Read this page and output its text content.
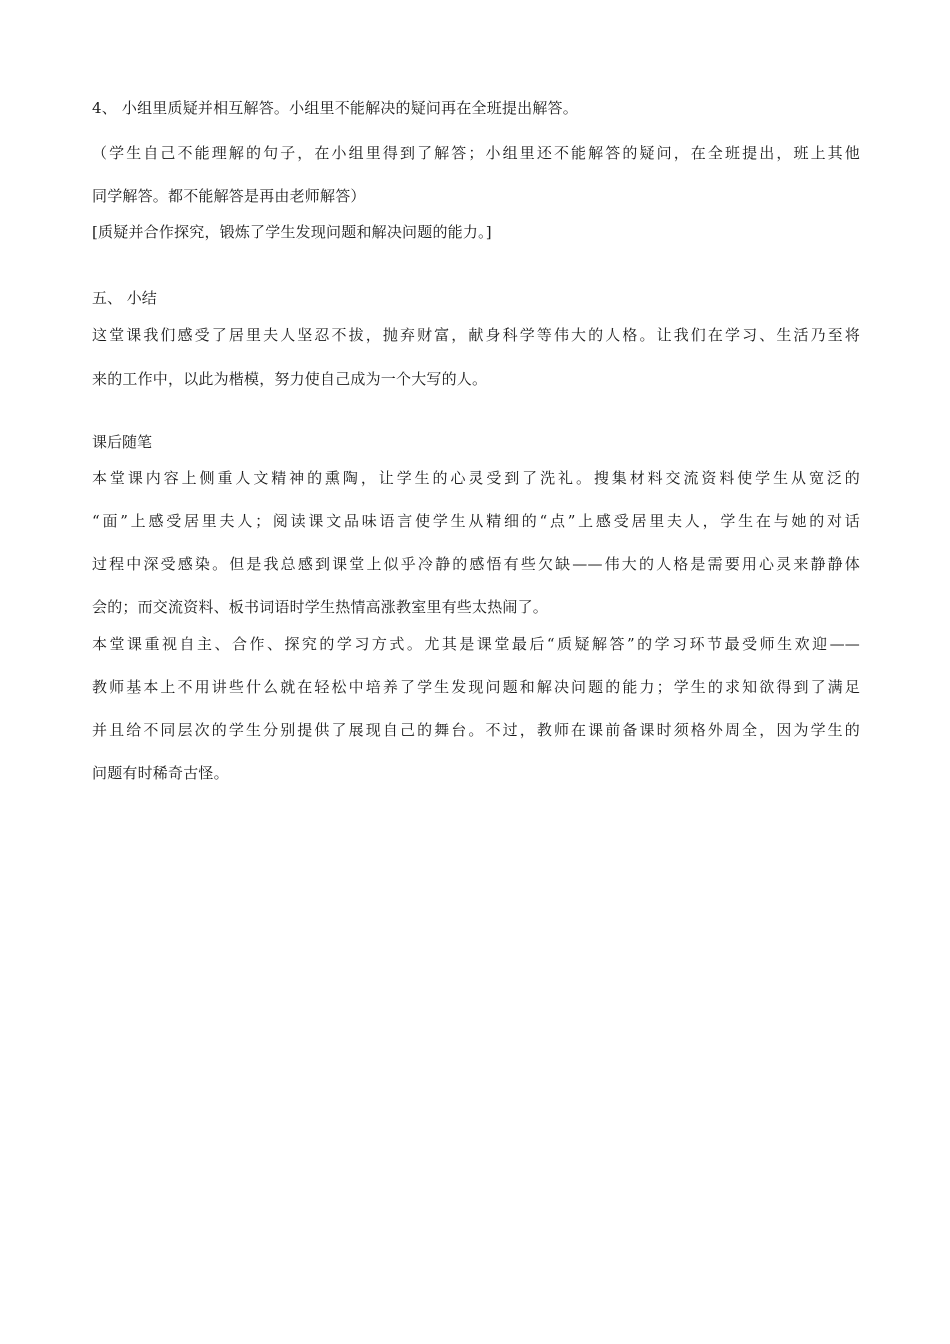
4、 小组里质疑并相互解答。小组里不能解决的疑问再在全班提出解答。
（学生自己不能理解的句子，在小组里得到了解答；小组里还不能解答的疑问，在全班提出，班上其他
同学解答。都不能解答是再由老师解答）
[质疑并合作探究，锻炼了学生发现问题和解决问题的能力。]
五、 小结
这堂课我们感受了居里夫人坚忍不拔，抛弃财富，献身科学等伟大的人格。让我们在学习、生活乃至将
来的工作中，以此为楷模，努力使自己成为一个大写的人。
课后随笔
本堂课内容上侧重人文精神的熏陶，让学生的心灵受到了洗礼。搜集材料交流资料使学生从宽泛的
“面”上感受居里夫人；阅读课文品味语言使学生从精细的“点”上感受居里夫人，学生在与她的对话
过程中深受感染。但是我总感到课堂上似乎冷静的感悟有些欠缺——伟大的人格是需要用心灵来静静体
会的；而交流资料、板书词语时学生热情高涨教室里有些太热闹了。
本堂课重视自主、合作、探究的学习方式。尤其是课堂最后“质疑解答”的学习环节最受师生欢迎——
教师基本上不用讲些什么就在轻松中培养了学生发现问题和解决问题的能力；学生的求知欲得到了满足
并且给不同层次的学生分别提供了展现自己的舞台。不过，教师在课前备课时须格外周全，因为学生的
问题有时稀奇古怪。
